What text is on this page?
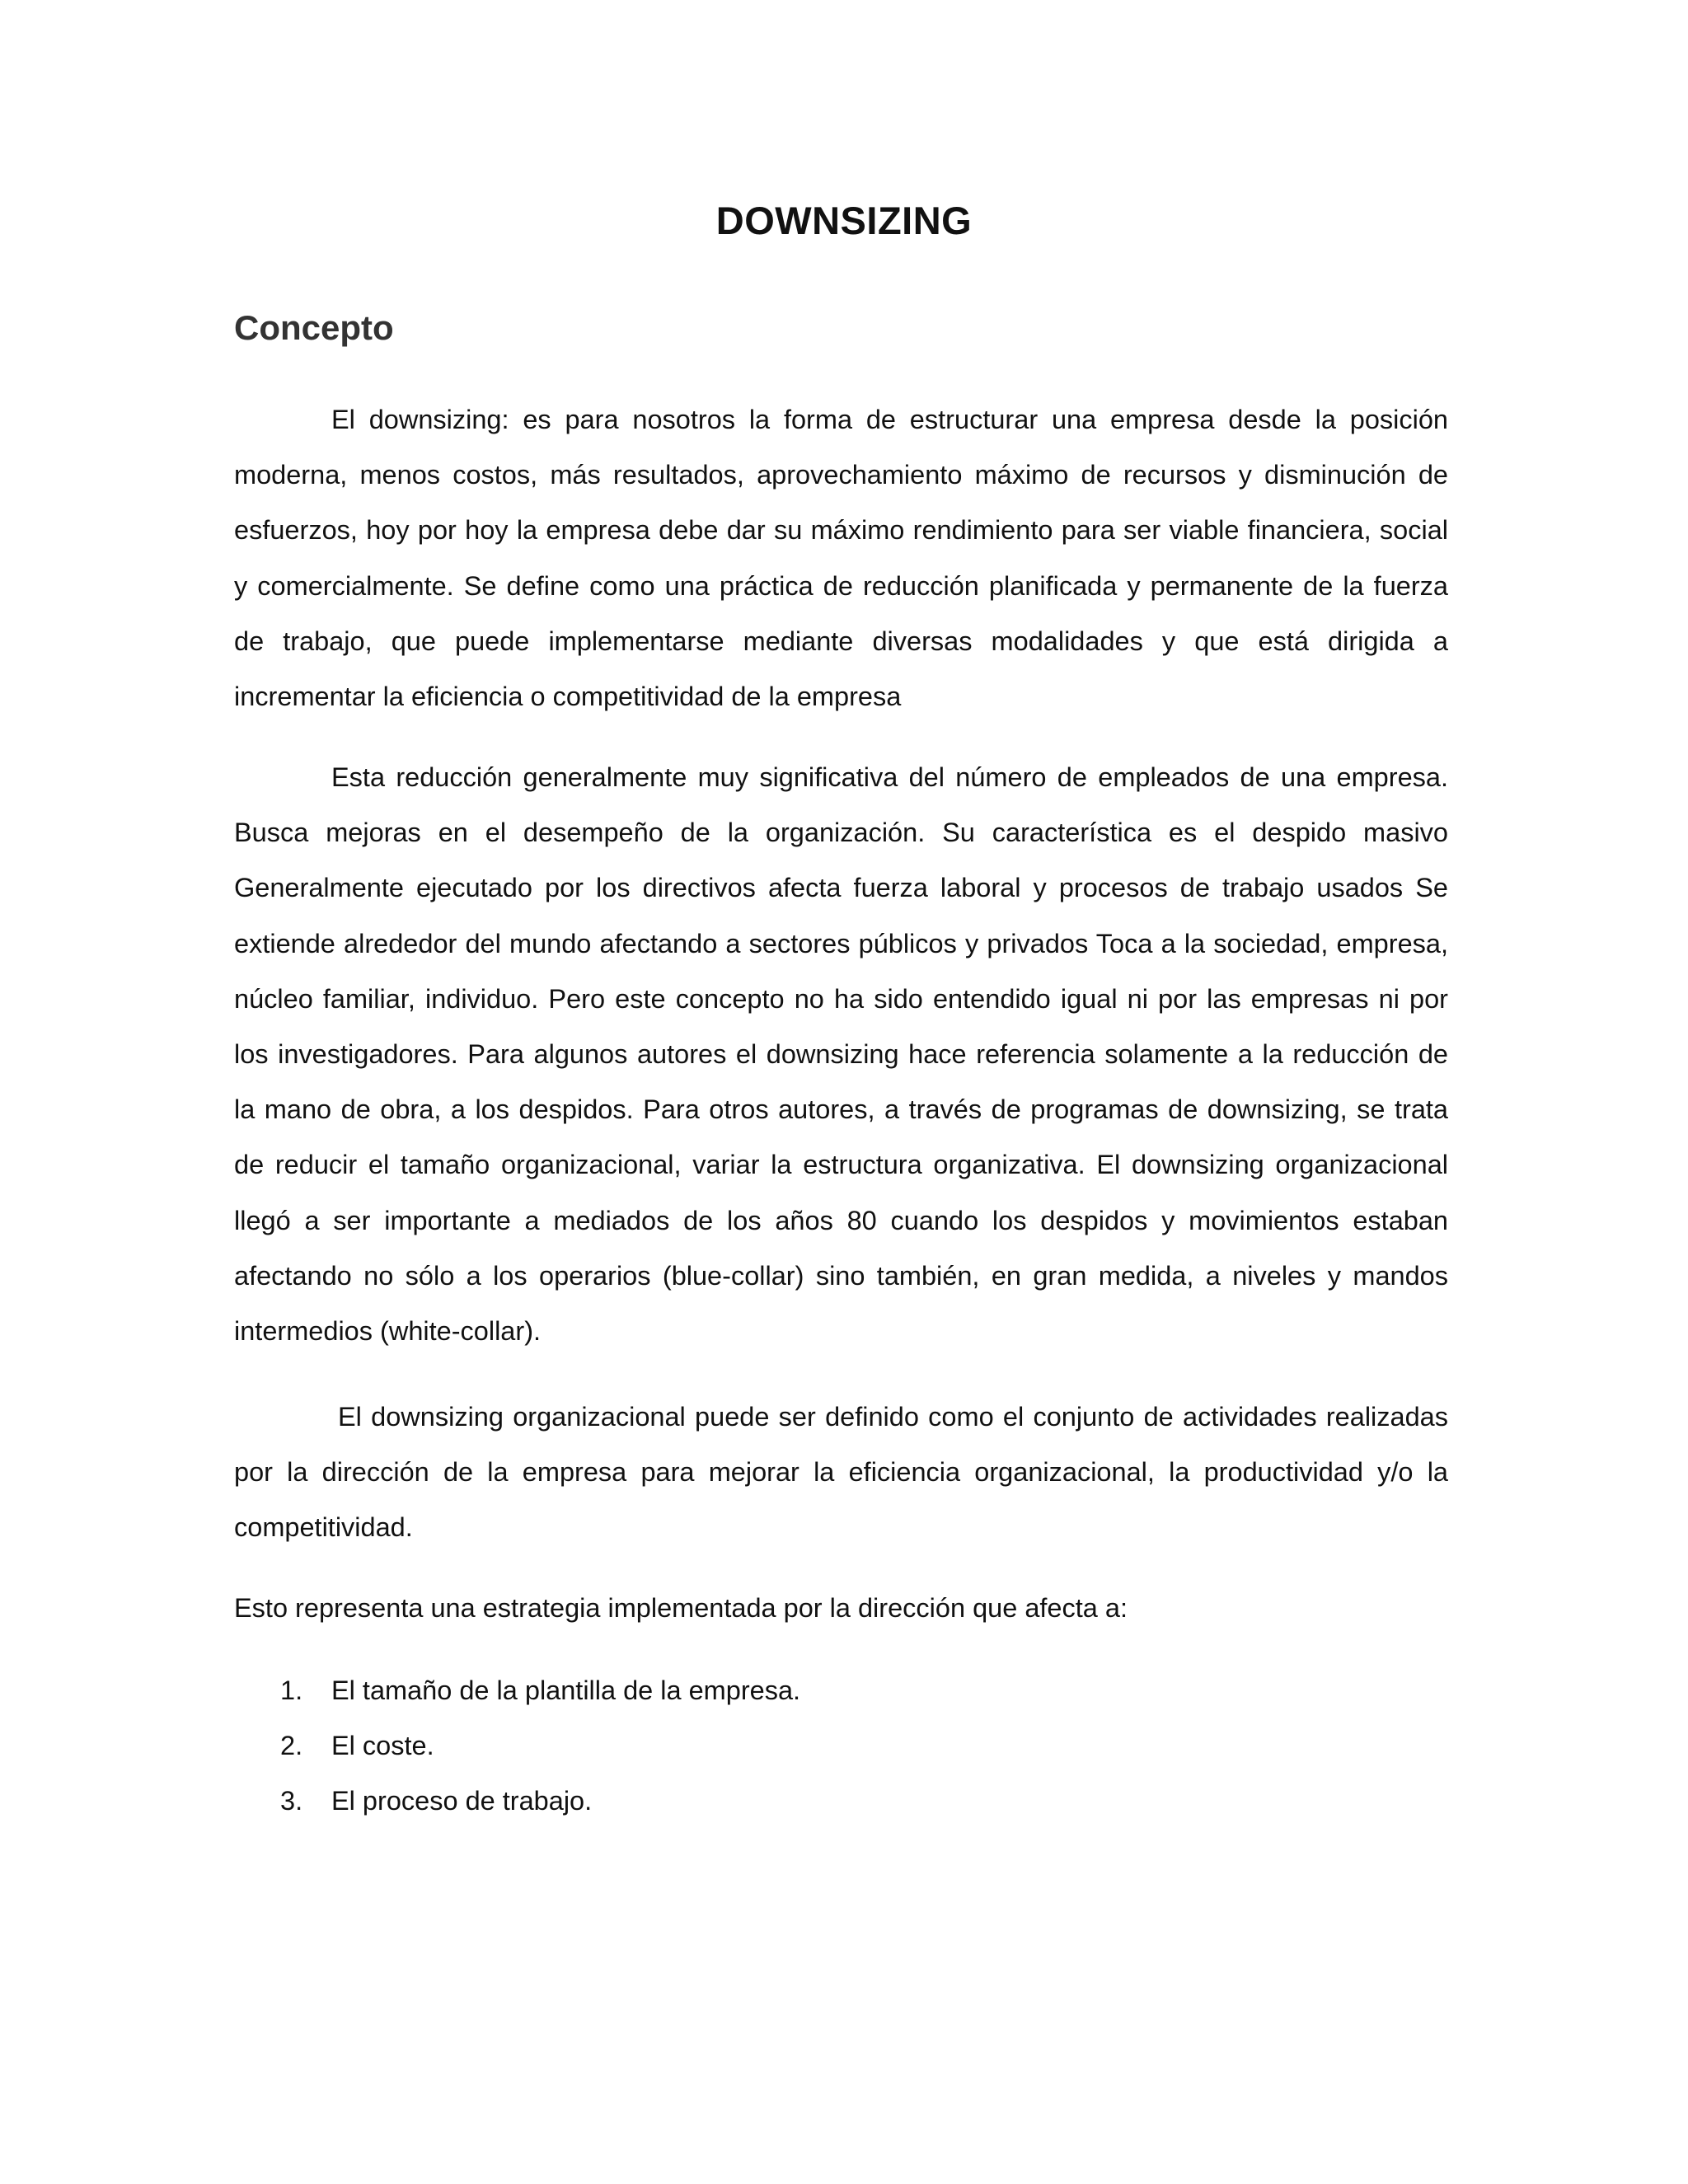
DOWNSIZING
Concepto

El downsizing: es para nosotros la forma de estructurar una empresa desde la posición moderna, menos costos, más resultados, aprovechamiento máximo de recursos y disminución de esfuerzos, hoy por hoy la empresa debe dar su máximo rendimiento para ser viable financiera, social y comercialmente. Se define como una práctica de reducción planificada y permanente de la fuerza de trabajo, que puede implementarse mediante diversas modalidades y que está dirigida a incrementar la eficiencia o competitividad de la empresa

Esta reducción generalmente muy significativa del número de empleados de una empresa. Busca mejoras en el desempeño de la organización. Su característica es el despido masivo Generalmente ejecutado por los directivos afecta fuerza laboral y procesos de trabajo usados Se extiende alrededor del mundo afectando a sectores públicos y privados Toca a la sociedad, empresa, núcleo familiar, individuo. Pero este concepto no ha sido entendido igual ni por las empresas ni por los investigadores. Para algunos autores el downsizing hace referencia solamente a la reducción de la mano de obra, a los despidos. Para otros autores, a través de programas de downsizing, se trata de reducir el tamaño organizacional, variar la estructura organizativa. El downsizing organizacional llegó a ser importante a mediados de los años 80 cuando los despidos y movimientos estaban afectando no sólo a los operarios (blue-collar) sino también, en gran medida, a niveles y mandos intermedios (white-collar).

El downsizing organizacional puede ser definido como el conjunto de actividades realizadas por la dirección de la empresa para mejorar la eficiencia organizacional, la productividad y/o la competitividad.

Esto representa una estrategia implementada por la dirección que afecta a:

1.	El tamaño de la plantilla de la empresa.
2.	El coste.
3.	El proceso de trabajo.
